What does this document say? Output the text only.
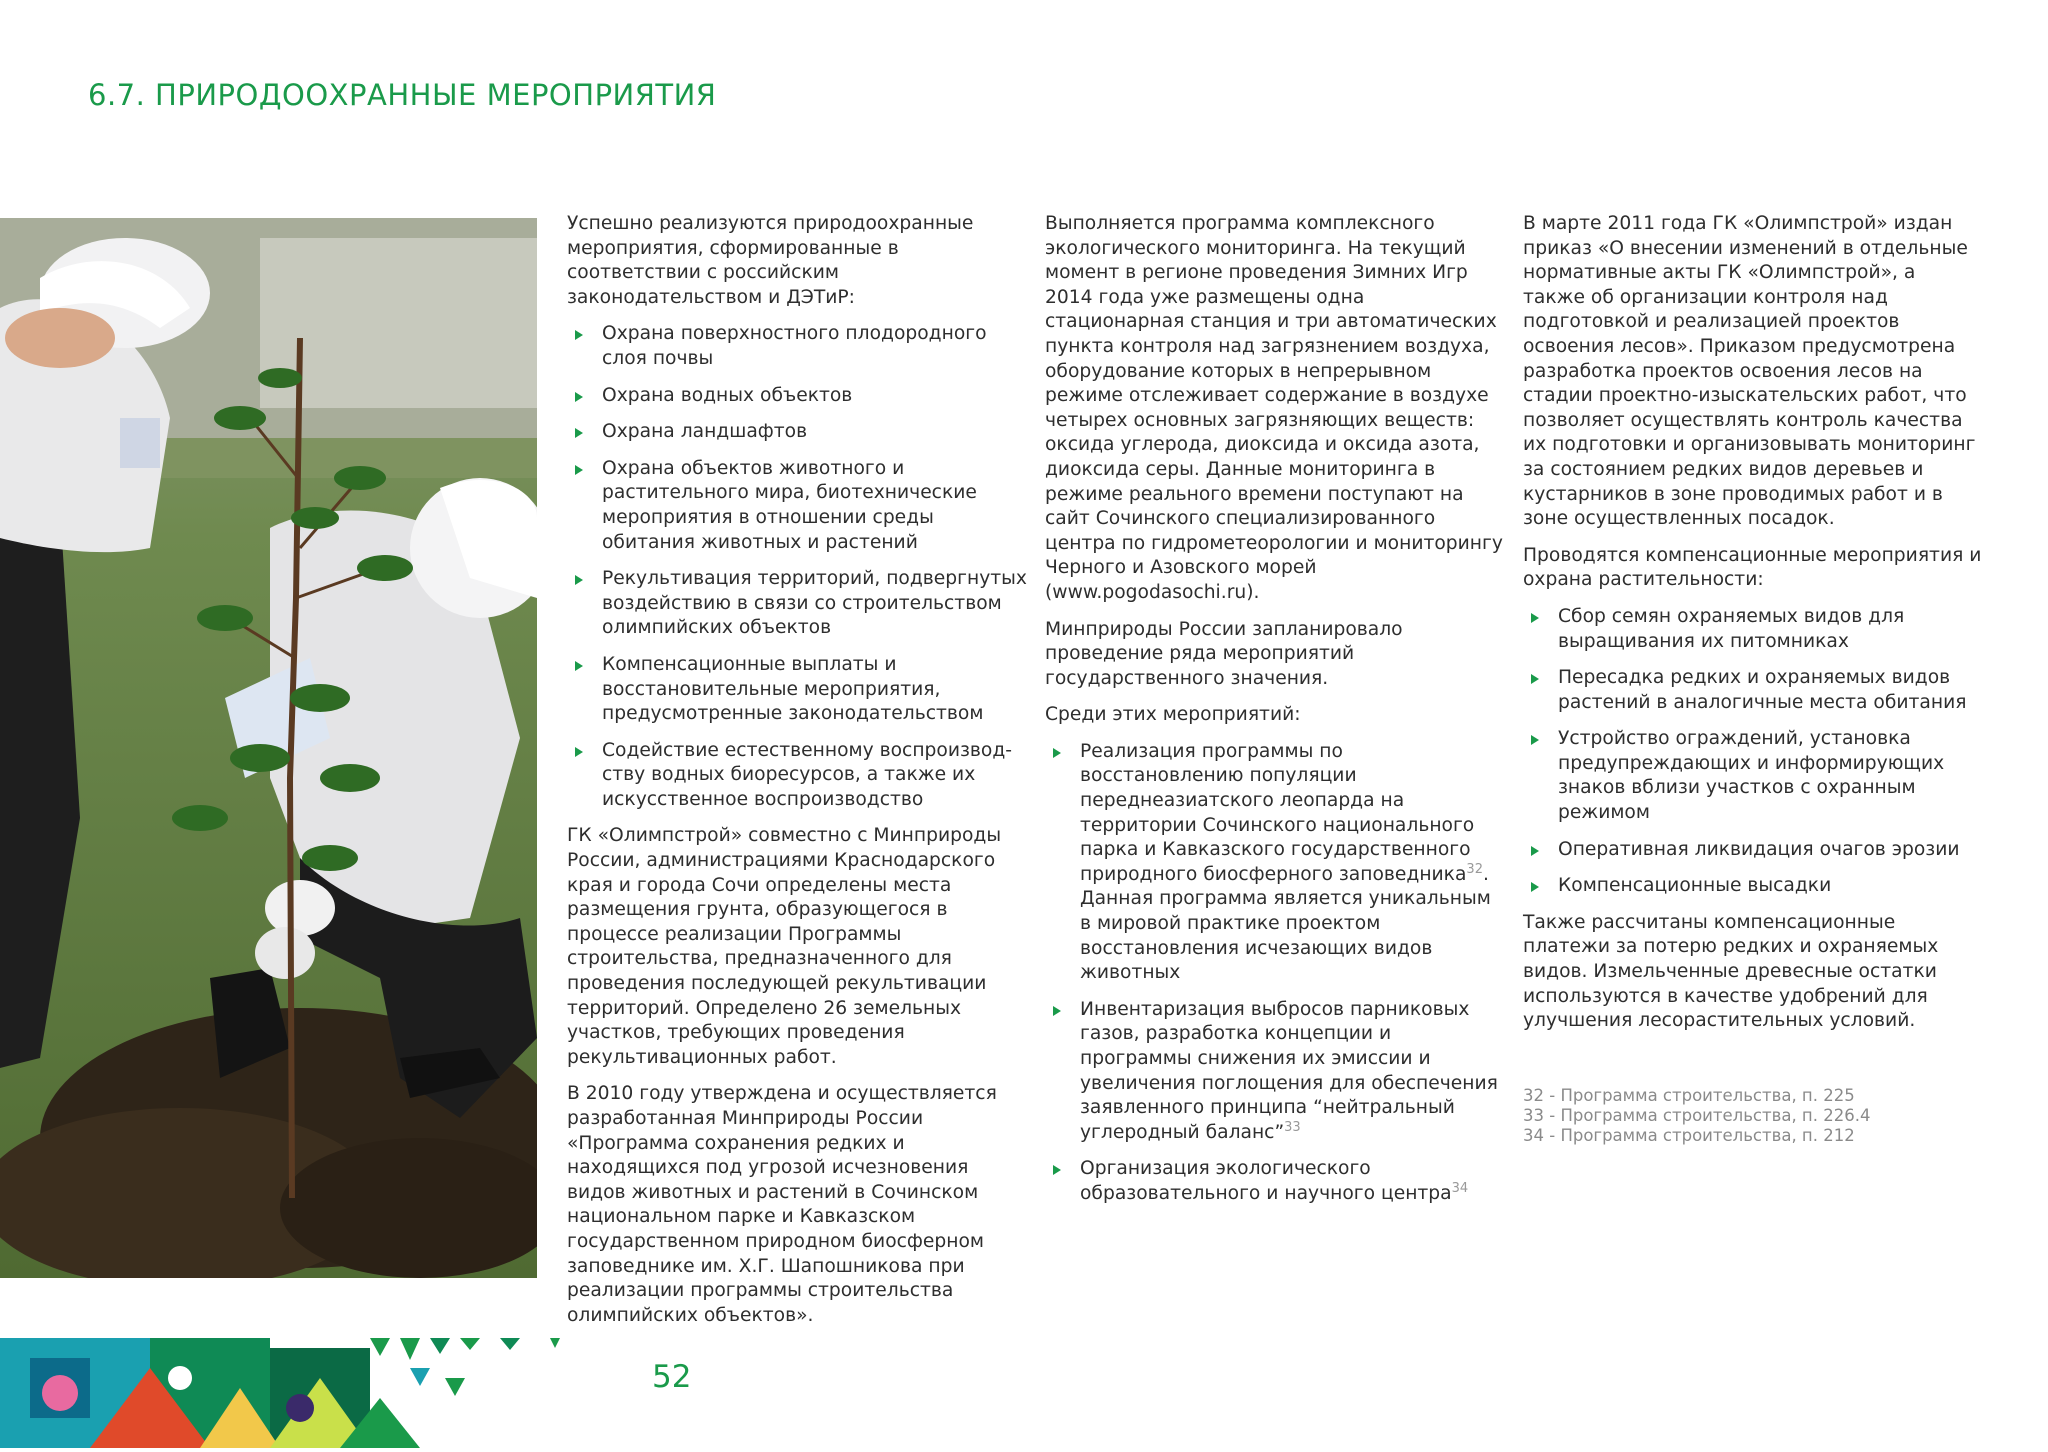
6.7. ПРИРОДООХРАННЫЕ МЕРОПРИЯТИЯ

Успешно реализуются природоохранные мероприятия, сформированные в соответствии с российским законодательством и ДЭТиР:

Охрана поверхностного плодородного слоя почвы
Охрана водных объектов
Охрана ландшафтов
Охрана объектов животного и растительного мира, биотехнические мероприятия в отношении среды обитания животных и растений
Рекультивация территорий, подвергнутых воздействию в связи со строительством олимпийских объектов
Компенсационные выплаты и восстановительные мероприятия, предусмотренные законодательством
Содействие естественному воспроизвод-ству водных биоресурсов, а также их искусственное воспроизводство

ГК «Олимпстрой» совместно с Минприроды России, администрациями Краснодарского края и города Сочи определены места размещения грунта, образующегося в процессе реализации Программы строительства, предназначенного для проведения последующей рекультивации территорий. Определено 26 земельных участков, требующих проведения рекультивационных работ.

В 2010 году утверждена и осуществляется разработанная Минприроды России «Программа сохранения редких и находящихся под угрозой исчезновения видов животных и растений в Сочинском национальном парке и Кавказском государственном природном биосферном заповеднике им. Х.Г. Шапошникова при реализации программы строительства олимпийских объектов».

Выполняется программа комплексного экологического мониторинга. На текущий момент в регионе проведения Зимних Игр 2014 года уже размещены одна стационарная станция и три автоматических пункта контроля над загрязнением воздуха, оборудование которых в непрерывном режиме отслеживает содержание в воздухе четырех основных загрязняющих веществ: оксида углерода, диоксида и оксида азота, диоксида серы. Данные мониторинга в режиме реального времени поступают на сайт Сочинского специализированного центра по гидрометеорологии и мониторингу Черного и Азовского морей (www.pogodasochi.ru).

Минприроды России запланировало проведение ряда мероприятий государственного значения.

Среди этих мероприятий:

Реализация программы по восстановлению популяции переднеазиатского леопарда на территории Сочинского национального парка и Кавказского государственного природного биосферного заповедника$^{32}$. Данная программа является уникальным в мировой практике проектом восстановления исчезающих видов животных
Инвентаризация выбросов парниковых газов, разработка концепции и программы снижения их эмиссии и увеличения поглощения для обеспечения заявленного принципа “нейтральный углеродный баланс”$^{33}$
Организация экологического образовательного и научного центра$^{34}$

В марте 2011 года ГК «Олимпстрой» издан приказ «О внесении изменений в отдельные нормативные акты ГК «Олимпстрой», а также об организации контроля над подготовкой и реализацией проектов освоения лесов». Приказом предусмотрена разработка проектов освоения лесов на стадии проектно-изыскательских работ, что позволяет осуществлять контроль качества их подготовки и организовывать мониторинг за состоянием редких видов деревьев и кустарников в зоне проводимых работ и в зоне осуществленных посадок.

Проводятся компенсационные мероприятия и охрана растительности:

Сбор семян охраняемых видов для выращивания их питомниках
Пересадка редких и охраняемых видов растений в аналогичные места обитания
Устройство ограждений, установка предупреждающих и информирующих знаков вблизи участков с охранным режимом
Оперативная ликвидация очагов эрозии
Компенсационные высадки

Также рассчитаны компенсационные платежи за потерю редких и охраняемых видов. Измельченные древесные остатки используются в качестве удобрений для улучшения лесорастительных условий.

32 - Программа строительства, п. 225
33 - Программа строительства, п. 226.4
34 - Программа строительства, п. 212
52
